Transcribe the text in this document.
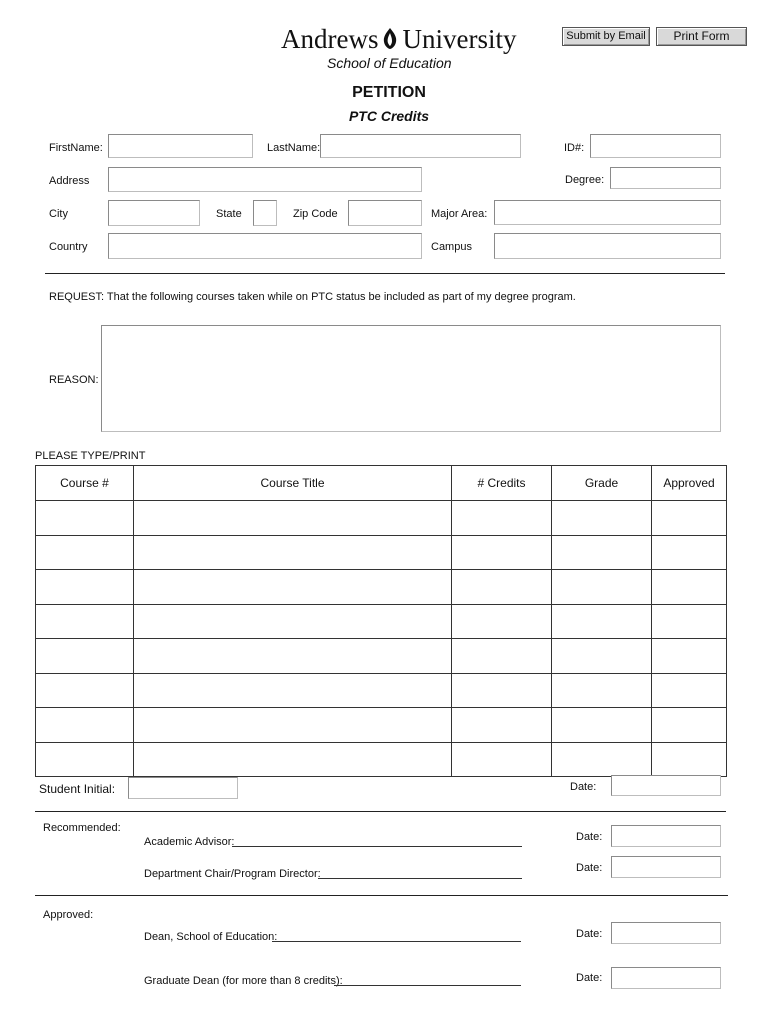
Andrews University
School of Education
Submit by Email	Print Form
PETITION
PTC Credits
FirstName:	LastName:	ID#:
Address	Degree:
City	State	Zip Code	Major Area:
Country	Campus
REQUEST: That the following courses taken while on PTC status be included as part of my degree program.
REASON:
PLEASE TYPE/PRINT
Course #	Course Title	# Credits	Grade	Approved

Student Initial:	Date:
Recommended:
Academic Advisor:	Date:
Department Chair/Program Director:	Date:
Approved:
Dean, School of Education:	Date:
Graduate Dean (for more than 8 credits):	Date:
